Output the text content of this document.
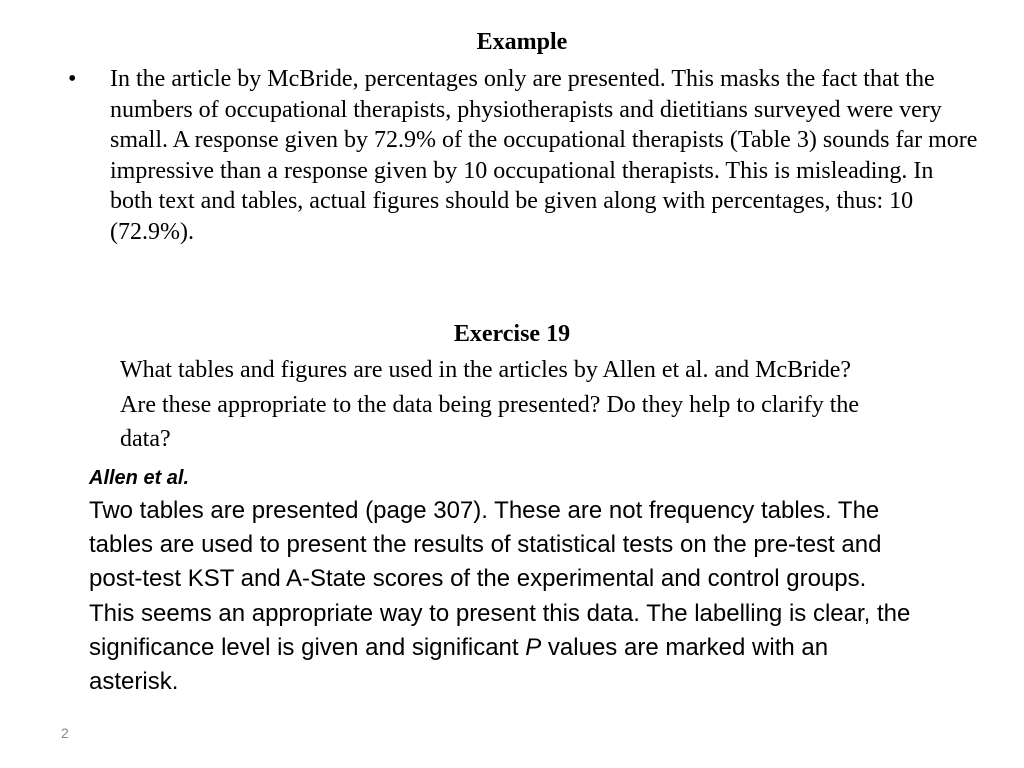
Example
• In the article by McBride, percentages only are presented. This masks the fact that the numbers of occupational therapists, physiotherapists and dietitians surveyed were very small. A response given by 72.9% of the occupational therapists (Table 3) sounds far more impressive than a response given by 10 occupational therapists. This is misleading. In both text and tables, actual figures should be given along with percentages, thus: 10 (72.9%).
Exercise 19
What tables and figures are used in the articles by Allen et al. and McBride? Are these appropriate to the data being presented? Do they help to clarify the data?
Allen et al.
Two tables are presented (page 307). These are not frequency tables. The tables are used to present the results of statistical tests on the pre-test and post-test KST and A-State scores of the experimental and control groups. This seems an appropriate way to present this data. The labelling is clear, the significance level is given and significant P values are marked with an asterisk.
2
